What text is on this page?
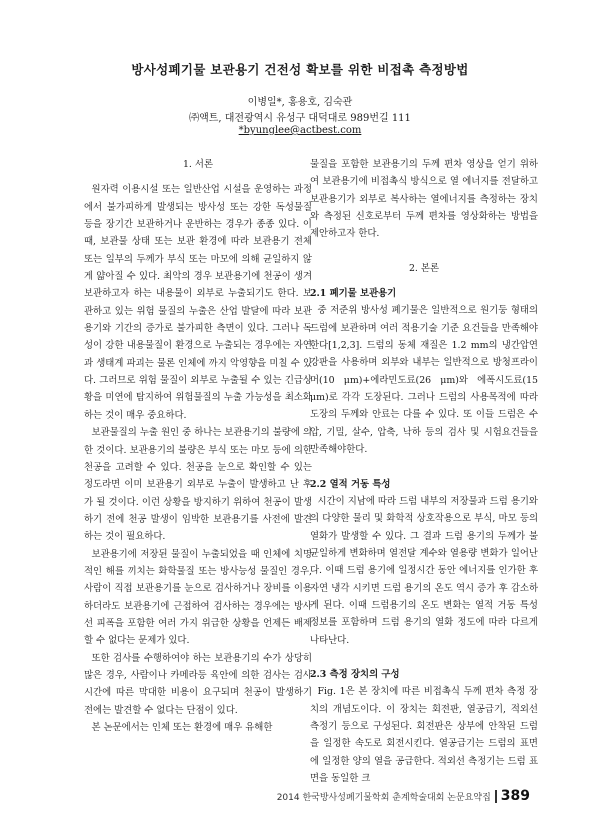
방사성폐기물 보관용기 건전성 확보를 위한 비접촉 측정방법
이병일*, 홍용호, 김숙관
㈜액트, 대전광역시 유성구 대덕대로 989번길 111
*byunglee@actbest.com
1. 서론

원자력 이용시설 또는 일반산업 시설을 운영하는 과정에서 불가피하게 발생되는 방사성 또는 강한 독성물질 등을 장기간 보관하거나 운반하는 경우가 종종 있다. 이때, 보관물 상태 또는 보관 환경에 따라 보관용기 전체 또는 일부의 두께가 부식 또는 마모에 의해 균일하지 않게 얇아질 수 있다. 최악의 경우 보관용기에 천공이 생겨 보관하고자 하는 내용물이 외부로 누출되기도 한다. 보관하고 있는 위험 물질의 누출은 산업 발달에 따라 보관 용기와 기간의 증가로 불가피한 측면이 있다. 그러나 독성이 강한 내용물질이 환경으로 누출되는 경우에는 자연과 생태계 파괴는 물론 인체에 까지 악영향을 미칠 수 있다. 그러므로 위험 물질이 외부로 누출될 수 있는 긴급상황을 미연에 탐지하여 위험물질의 누출 가능성을 최소화 하는 것이 매우 중요하다.

보관물질의 누출 원인 중 하나는 보관용기의 불량에 의한 것이다. 보관용기의 불량은 부식 또는 마모 등에 의한 천공을 고려할 수 있다. 천공을 눈으로 확인할 수 있는 정도라면 이미 보관용기 외부로 누출이 발생하고 난 후가 될 것이다. 이런 상황을 방지하기 위하여 천공이 발생하기 전에 천공 발생이 임박한 보관용기를 사전에 발견하는 것이 필요하다.

보관용기에 저장된 물질이 누출되었을 때 인체에 치명적인 해를 끼치는 화학물질 또는 방사능성 물질인 경우, 사람이 직접 보관용기를 눈으로 검사하거나 장비를 이용하더라도 보관용기에 근접하여 검사하는 경우에는 방사선 피폭을 포함한 여러 가지 위급한 상황을 언제든 배제할 수 없다는 문제가 있다.

또한 검사를 수행하여야 하는 보관용기의 수가 상당히 많은 경우, 사람이나 카메라등 육안에 의한 검사는 검사 시간에 따른 막대한 비용이 요구되며 천공이 발생하기 전에는 발견할 수 없다는 단점이 있다.

본 논문에서는 인체 또는 환경에 매우 유해한

물질을 포함한 보관용기의 두께 편차 영상을 얻기 위하여 보관용기에 비접촉식 방식으로 열 에너지를 전달하고 보관용기가 외부로 복사하는 열에너지를 측정하는 장치와 측정된 신호로부터 두께 편차를 영상화하는 방법을 제안하고자 한다.

2. 본론
2.1 폐기물 보관용기

중 저준위 방사성 폐기물은 일반적으로 원기둥 형태의 드럼에 보관하며 여러 적용기술 기준 요건들을 만족해야한다[1,2,3]. 드럼의 동체 재질은 1.2 mm의 냉간압연 강판을 사용하며 외부와 내부는 일반적으로 방청프라이머(10 μm)+에라민도료(26 μm)와 에폭시도료(15 μm)로 각각 도장된다. 그러나 드럼의 사용목적에 따라 도장의 두께와 안료는 다를 수 있다. 또 이들 드럼은 수압, 기밀, 살수, 압축, 낙하 등의 검사 및 시험요건들을 만족해야한다.

2.2 열적 거동 특성

시간이 지남에 따라 드럼 내부의 저장물과 드럼 용기와의 다양한 물리 및 화학적 상호작용으로 부식, 마모 등의 열화가 발생할 수 있다. 그 결과 드럼 용기의 두께가 불균일하게 변화하며 열전달 계수와 열용량 변화가 일어난다. 이때 드럼 용기에 일정시간 동안 에너지를 인가한 후 자연 냉각 시키면 드럼 용기의 온도 역시 증가 후 감소하게 된다. 이때 드럼용기의 온도 변화는 열적 거동 특성 정보를 포함하며 드럼 용기의 열화 정도에 따라 다르게 나타난다.

2.3 측정 장치의 구성

Fig. 1은 본 장치에 따른 비접촉식 두께 편차 측정 장치의 개념도이다. 이 장치는 회전판, 열공급기, 적외선 측정기 등으로 구성된다. 회전판은 상부에 안착된 드럼을 일정한 속도로 회전시킨다. 열공급기는 드럼의 표면에 일정한 양의 열을 공급한다. 적외선 측정기는 드럼 표면을 동일한 크

2014 한국방사성폐기물학회 춘계학술대회 논문요약집 389
